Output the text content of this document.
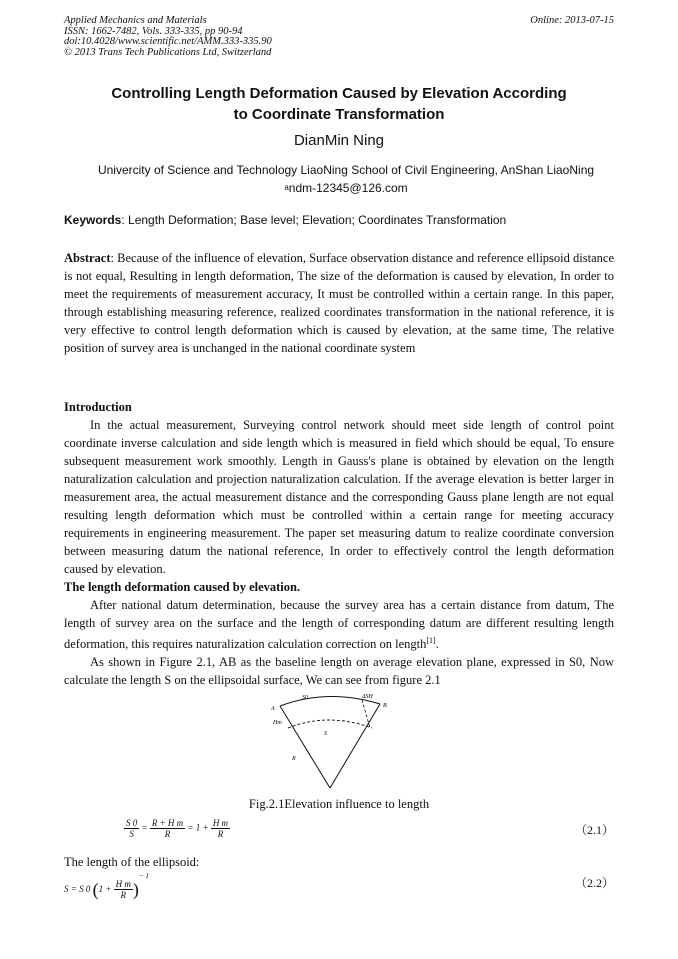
Applied Mechanics and Materials
ISSN: 1662-7482, Vols. 333-335, pp 90-94
doi:10.4028/www.scientific.net/AMM.333-335.90
© 2013 Trans Tech Publications Ltd, Switzerland
Online: 2013-07-15
Controlling Length Deformation Caused by Elevation According
to Coordinate Transformation
DianMin Ning
Univercity of Science and Technology LiaoNing School of Civil Engineering, AnShan LiaoNing
$^a$ndm-12345@126.com
Keywords: Length Deformation; Base level; Elevation; Coordinates Transformation

Abstract: Because of the influence of elevation, Surface observation distance and reference ellipsoid distance is not equal, Resulting in length deformation, The size of the deformation is caused by elevation, In order to meet the requirements of measurement accuracy, It must be controlled within a certain range. In this paper, through establishing measuring reference, realized coordinates transformation in the national reference, it is very effective to control length deformation which is caused by elevation, at the same time, The relative position of survey area is unchanged in the national coordinate system

Introduction

In the actual measurement, Surveying control network should meet side length of control point coordinate inverse calculation and side length which is measured in field which should be equal, To ensure subsequent measurement work smoothly. Length in Gauss's plane is obtained by elevation on the length naturalization calculation and projection naturalization calculation. If the average elevation is better larger in measurement area, the actual measurement distance and the corresponding Gauss plane length are not equal resulting length deformation which must be controlled within a certain range for meeting accuracy requirements in engineering measurement. The paper set measuring datum to realize coordinate conversion between measuring datum the national reference, In order to effectively control the length deformation caused by elevation.

The length deformation caused by elevation.

After national datum determination, because the survey area has a certain distance from datum, The length of survey area on the surface and the length of corresponding datum are different resulting length deformation, this requires naturalization calculation correction on length[1].

As shown in Figure 2.1, AB as the baseline length on average elevation plane, expressed in S0, Now calculate the length S on the ellipsoidal surface, We can see from figure 2.1

S0	ΔSH
A	B
Hm
S
R
Fig.2.1Elevation influence to length
$\frac{S 0}{S} = \frac{\text{R + H m}}{R} = 1 + \frac{\text{H m}}{R}$	（2.1）
The length of the ellipsoid:
S = S 0 $(1 + \frac{\text{H m}}{R} )^{- 1}$	（2.2）
